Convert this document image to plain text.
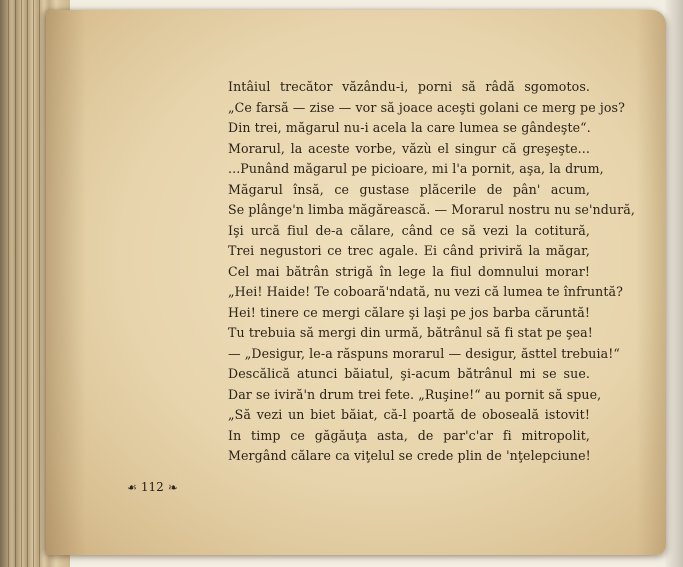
Intâiul trecător văzându-i, porni să râdă sgomotos.
„Ce farsă — zise — vor să joace aceşti golani ce merg pe jos?
Din trei, măgarul nu-i acela la care lumea se gândeşte“.
Morarul, la aceste vorbe, văzù el singur că greşeşte...
...Punând măgarul pe picioare, mi l'a pornit, aşa, la drum,
Măgarul însă, ce gustase plăcerile de pân' acum,
Se plânge'n limba măgărească. — Morarul nostru nu se'ndură,
Işi urcă fiul de-a călare, când ce să vezi la cotitură,
Trei negustori ce trec agale. Ei când priviră la măgar,
Cel mai bătrân strigă în lege la fiul domnului morar!
„Hei! Haide! Te coboară'ndată, nu vezi că lumea te înfruntă?
Hei! tinere ce mergi călare şi laşi pe jos barba căruntă!
Tu trebuia să mergi din urmă, bătrânul să fi stat pe şea!
— „Desigur, le-a răspuns morarul — desigur, ăsttel trebuia!“
Descălică atunci băiatul, şi-acum bătrânul mi se sue.
Dar se iviră'n drum trei fete. „Ruşine!“ au pornit să spue,
„Să vezi un biet băiat, că-l poartă de oboseală istovit!
In timp ce găgăuţa asta, de par'c'ar fi mitropolit,
Mergând călare ca viţelul se crede plin de 'nţelepciune!
☙ 112 ☙
